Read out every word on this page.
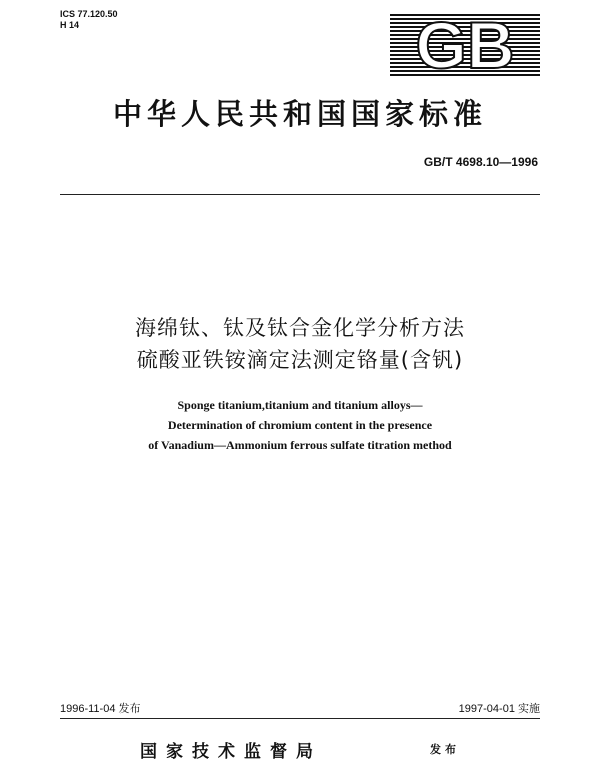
ICS 77.120.50
H 14	GB
中华人民共和国国家标准
GB/T 4698.10—1996
海绵钛、钛及钛合金化学分析方法
硫酸亚铁铵滴定法测定铬量(含钒)
Sponge titanium,titanium and titanium alloys—
Determination of chromium content in the presence
of Vanadium—Ammonium ferrous sulfate titration method
1996-11-04 发布	1997-04-01 实施
国家技术监督局	发布
